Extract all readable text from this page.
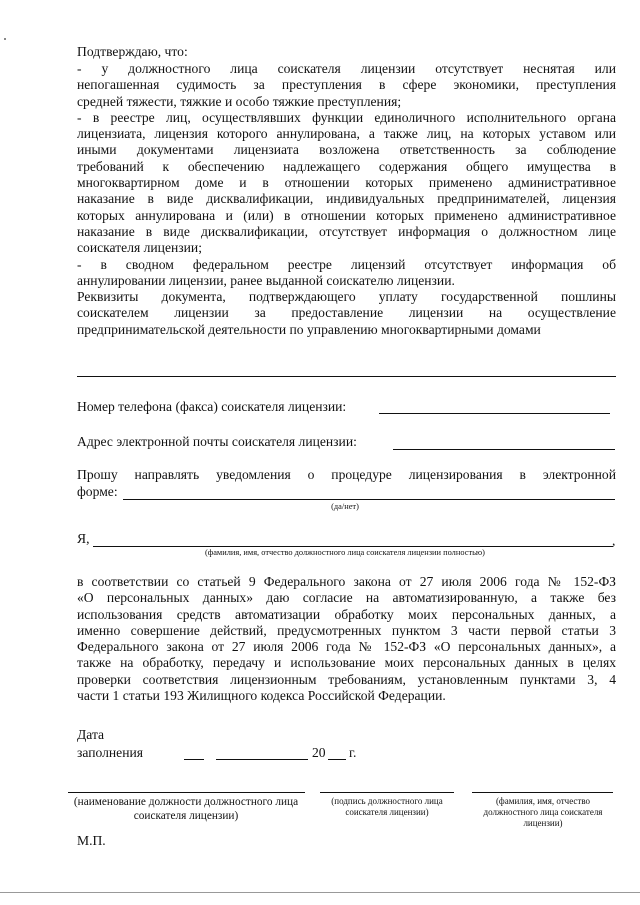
Подтверждаю, что:
- у должностного лица соискателя лицензии отсутствует неснятая или
непогашенная судимость за преступления в сфере экономики, преступления
средней тяжести, тяжкие и особо тяжкие преступления;
- в реестре лиц, осуществлявших функции единоличного исполнительного органа
лицензиата, лицензия которого аннулирована, а также лиц, на которых уставом или
иными документами лицензиата возложена ответственность за соблюдение
требований к обеспечению надлежащего содержания общего имущества в
многоквартирном доме и в отношении которых применено административное
наказание в виде дисквалификации, индивидуальных предпринимателей, лицензия
которых аннулирована и (или) в отношении которых применено административное
наказание в виде дисквалификации, отсутствует информация о должностном лице
соискателя лицензии;
- в сводном федеральном реестре лицензий отсутствует информация об
аннулировании лицензии, ранее выданной соискателю лицензии.
Реквизиты документа, подтверждающего уплату государственной пошлины
соискателем лицензии за предоставление лицензии на осуществление
предпринимательской деятельности по управлению многоквартирными домами
Номер телефона (факса) соискателя лицензии:
Адрес электронной почты соискателя лицензии:
Прошу направлять уведомления о процедуре лицензирования в электронной
форме:
(да/нет)
Я,	,
(фамилия, имя, отчество должностного лица соискателя лицензии полностью)
в соответствии со статьей 9 Федерального закона от 27 июля 2006 года № 152-ФЗ
«О персональных данных» даю согласие на автоматизированную, а также без
использования средств автоматизации обработку моих персональных данных, а
именно совершение действий, предусмотренных пунктом 3 части первой статьи 3
Федерального закона от 27 июля 2006 года № 152-ФЗ «О персональных данных», а
также на обработку, передачу и использование моих персональных данных в целях
проверки соответствия лицензионным требованиям, установленным пунктами 3, 4
части 1 статьи 193 Жилищного кодекса Российской Федерации.
Дата
заполнения	20 г.
(наименование должности должностного лица соискателя лицензии)
(подпись должностного лица соискателя лицензии)
(фамилия, имя, отчество должностного лица соискателя лицензии)
М.П.
